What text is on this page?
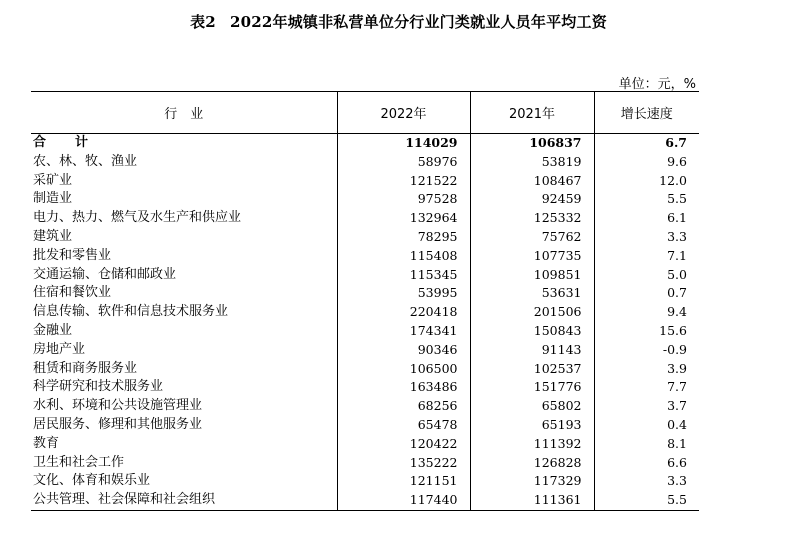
表2 2022年城镇非私营单位分行业门类就业人员年平均工资
单位：元，%
行　业	2022年	2021年	增长速度
合　计	114029	106837	6.7
农、林、牧、渔业	58976	53819	9.6
采矿业	121522	108467	12.0
制造业	97528	92459	5.5
电力、热力、燃气及水生产和供应业	132964	125332	6.1
建筑业	78295	75762	3.3
批发和零售业	115408	107735	7.1
交通运输、仓储和邮政业	115345	109851	5.0
住宿和餐饮业	53995	53631	0.7
信息传输、软件和信息技术服务业	220418	201506	9.4
金融业	174341	150843	15.6
房地产业	90346	91143	-0.9
租赁和商务服务业	106500	102537	3.9
科学研究和技术服务业	163486	151776	7.7
水利、环境和公共设施管理业	68256	65802	3.7
居民服务、修理和其他服务业	65478	65193	0.4
教育	120422	111392	8.1
卫生和社会工作	135222	126828	6.6
文化、体育和娱乐业	121151	117329	3.3
公共管理、社会保障和社会组织	117440	111361	5.5
